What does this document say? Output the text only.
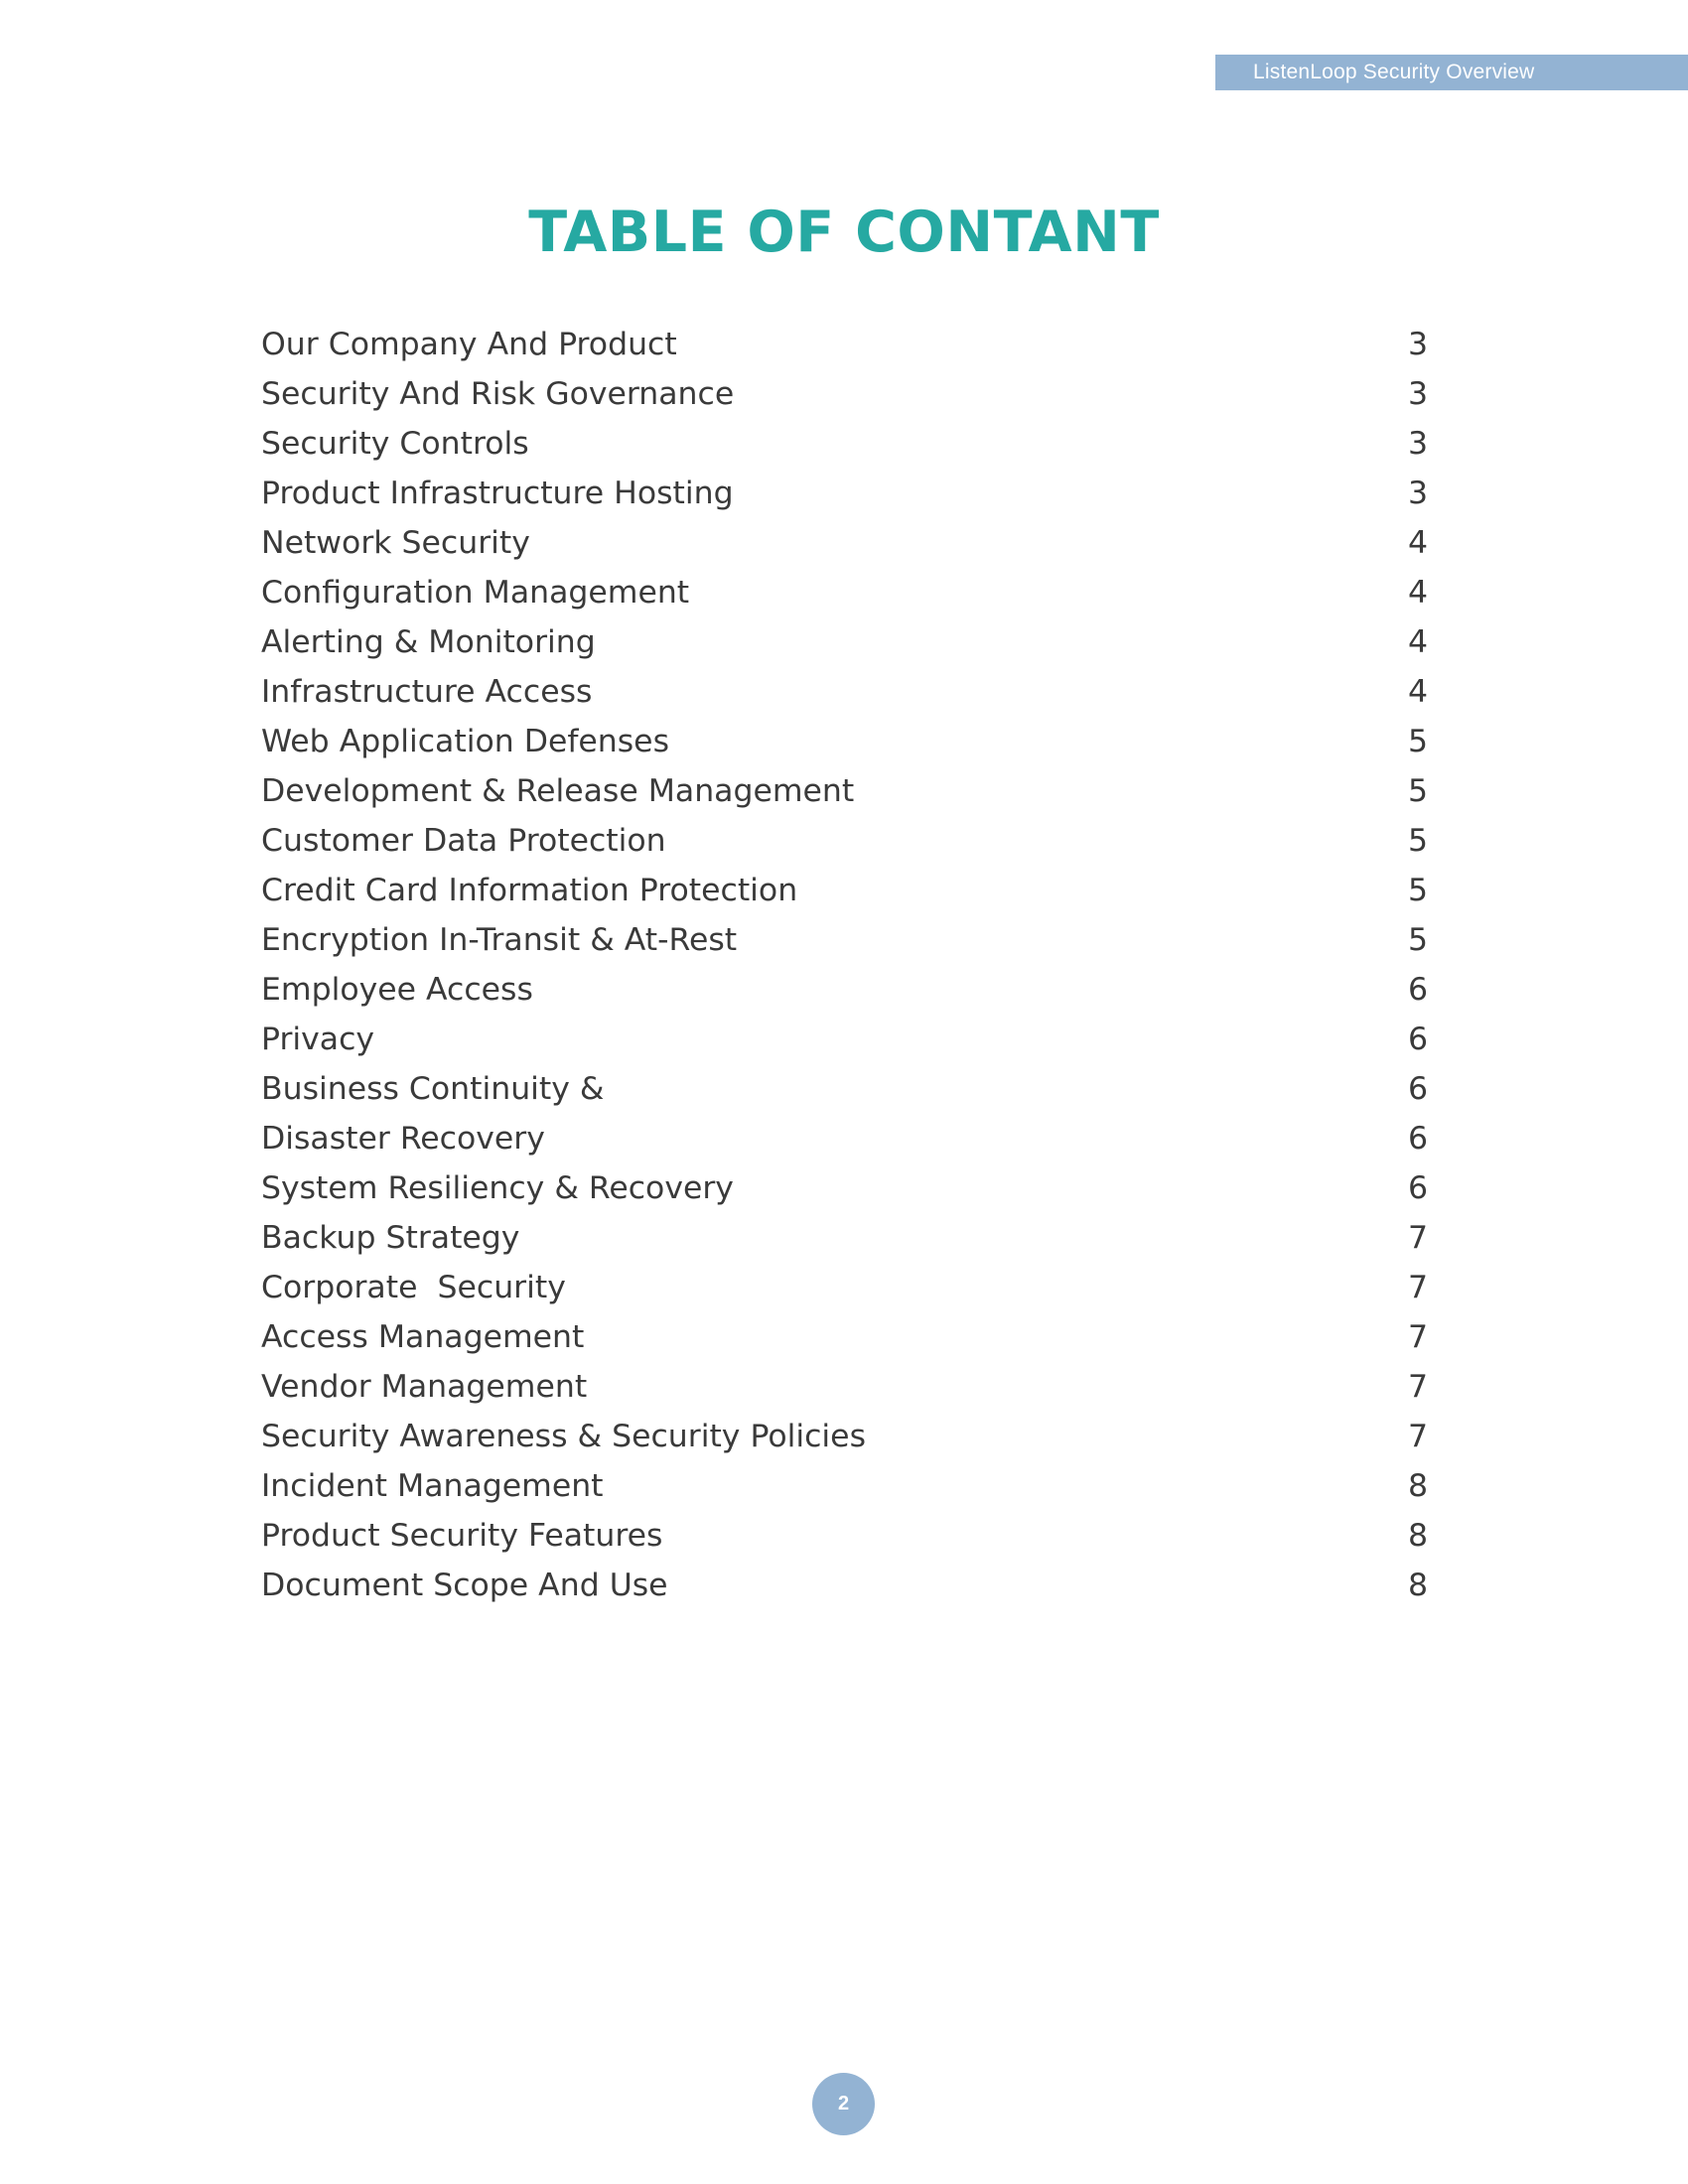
ListenLoop Security Overview
TABLE OF CONTANT
Our Company And Product	3
Security And Risk Governance	3
Security Controls	3
Product Infrastructure Hosting	3
Network Security	4
Configuration Management	4
Alerting & Monitoring	4
Infrastructure Access	4
Web Application Defenses	5
Development & Release Management	5
Customer Data Protection	5
Credit Card Information Protection	5
Encryption In-Transit & At-Rest	5
Employee Access	6
Privacy	6
Business Continuity &	6
Disaster Recovery	6
System Resiliency & Recovery	6
Backup Strategy	7
Corporate  Security	7
Access Management	7
Vendor Management	7
Security Awareness & Security Policies	7
Incident Management	8
Product Security Features	8
Document Scope And Use	8
2
